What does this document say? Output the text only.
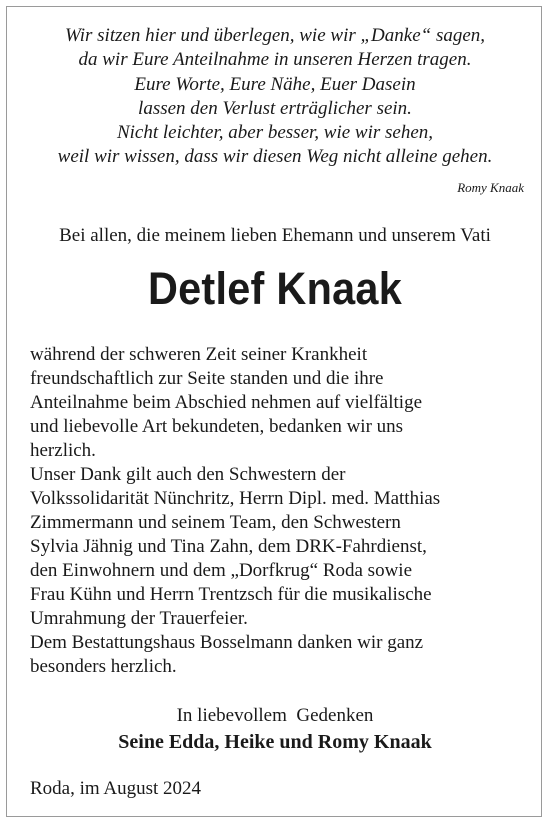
Wir sitzen hier und überlegen, wie wir „Danke“ sagen,
da wir Eure Anteilnahme in unseren Herzen tragen.
Eure Worte, Eure Nähe, Euer Dasein
lassen den Verlust erträglicher sein.
Nicht leichter, aber besser, wie wir sehen,
weil wir wissen, dass wir diesen Weg nicht alleine gehen.
Romy Knaak
Bei allen, die meinem lieben Ehemann und unserem Vati
Detlef Knaak
während der schweren Zeit seiner Krankheit
freundschaftlich zur Seite standen und die ihre
Anteilnahme beim Abschied nehmen auf vielfältige
und liebevolle Art bekundeten, bedanken wir uns
herzlich.
Unser Dank gilt auch den Schwestern der
Volkssolidarität Nünchritz, Herrn Dipl. med. Matthias
Zimmermann und seinem Team, den Schwestern
Sylvia Jähnig und Tina Zahn, dem DRK-Fahrdienst,
den Einwohnern und dem „Dorfkrug“ Roda sowie
Frau Kühn und Herrn Trentzsch für die musikalische
Umrahmung der Trauerfeier.
Dem Bestattungshaus Bosselmann danken wir ganz
besonders herzlich.
In liebevollem  Gedenken
Seine Edda, Heike und Romy Knaak
Roda, im August 2024
